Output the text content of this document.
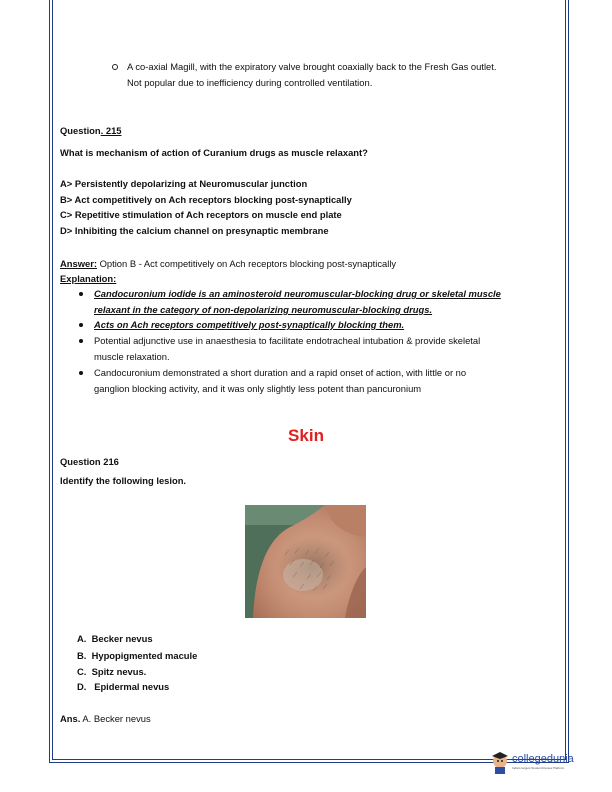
A co-axial Magill, with the expiratory valve brought coaxially back to the Fresh Gas outlet.
Not popular due to inefficiency during controlled ventilation.
Question. 215
What is mechanism of action of Curanium drugs as muscle relaxant?
A> Persistently depolarizing at Neuromuscular junction
B> Act competitively on Ach receptors blocking post-synaptically
C> Repetitive stimulation of Ach receptors on muscle end plate
D> Inhibiting the calcium channel on presynaptic membrane
Answer: Option B - Act competitively on Ach receptors blocking post-synaptically
Explanation:
Candocuronium iodide is an aminosteroid neuromuscular-blocking drug or skeletal muscle
relaxant in the category of non-depolarizing neuromuscular-blocking drugs.
Acts on Ach receptors competitively post-synaptically blocking them.
Potential adjunctive use in anaesthesia to facilitate endotracheal intubation & provide skeletal
muscle relaxation.
Candocuronium demonstrated a short duration and a rapid onset of action, with little or no
ganglion blocking activity, and it was only slightly less potent than pancuronium
Skin
Question 216
Identify the following lesion.
A. Becker nevus
B. Hypopigmented macule
C. Spitz nevus.
D.   Epidermal nevus
Ans. A. Becker nevus
collegedunia
India's largest Student Review Platform
